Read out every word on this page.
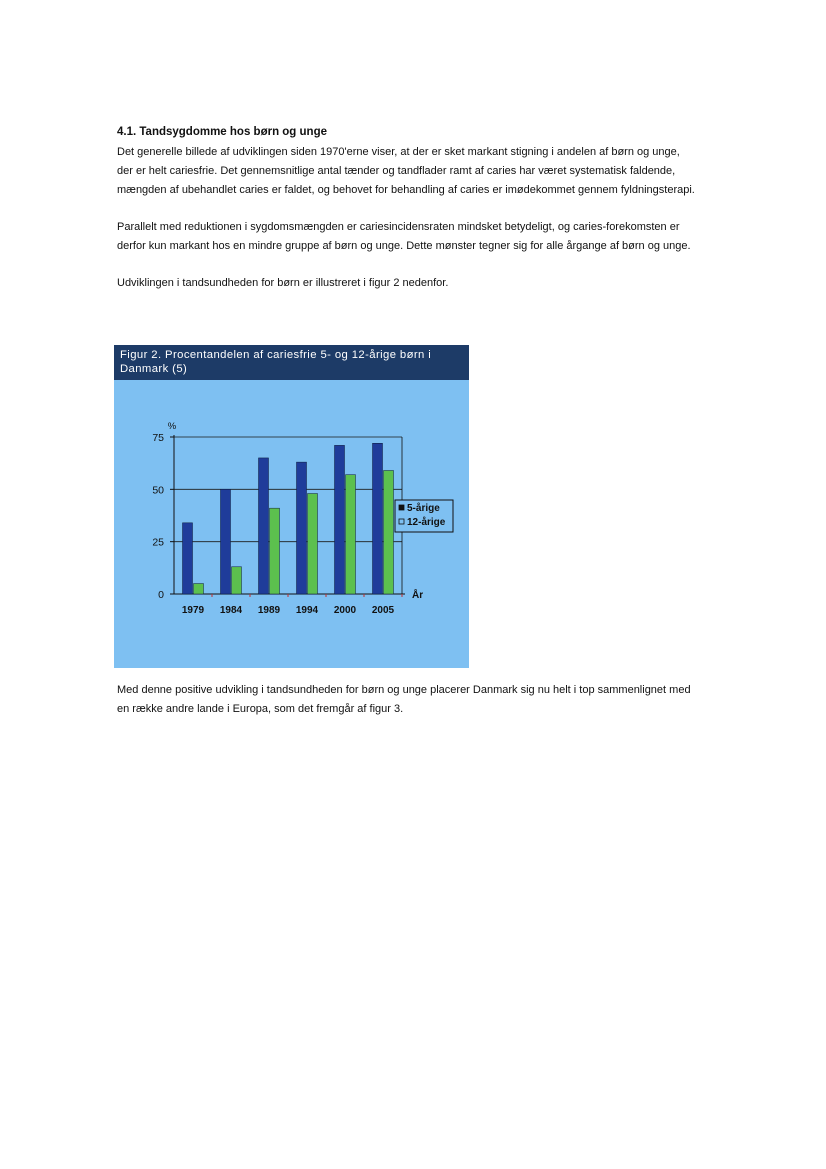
4.1. Tandsygdomme hos børn og unge

Det generelle billede af udviklingen siden 1970'erne viser, at der er sket markant stigning i andelen af børn og unge, der er helt cariesfrie. Det gennemsnitlige antal tænder og tandflader ramt af caries har været systematisk faldende, mængden af ubehandlet caries er faldet, og behovet for behandling af caries er imødekommet gennem fyldningsterapi.

Parallelt med reduktionen i sygdomsmængden er cariesincidensraten mindsket betydeligt, og caries-forekomsten er derfor kun markant hos en mindre gruppe af børn og unge. Dette mønster tegner sig for alle årgange af børn og unge.

Udviklingen i tandsundheden for børn er illustreret i figur 2 nedenfor.

Figur 2. Procentandelen af cariesfrie 5- og 12-årige børn i
Danmark (5)
0
25
50
75
%
1979 1984 1989 1994 2000 2005
År
5-årige
12-årige

Med denne positive udvikling i tandsundheden for børn og unge placerer Danmark sig nu helt i top sammenlignet med en række andre lande i Europa, som det fremgår af figur 3.
